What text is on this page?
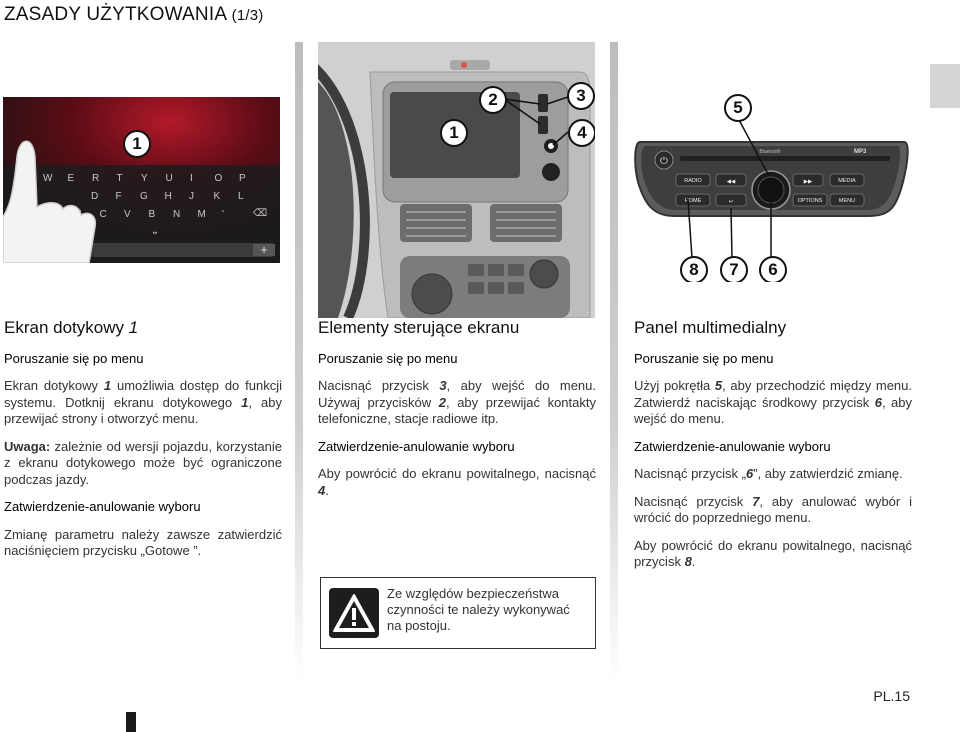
ZASADY UŻYTKOWANIA (1/3)
+
W E R T Y U I O P
D F G H J K L
C V B N M '
⎵
⌫
1
2	3
1	4
⏻
Bluetooth	MP3
RADIO	MEDIA
HOME	OPTIONS	MENU
◀◀	▶▶
↩
5
8	7	6
Ekran dotykowy 1
Poruszanie się po menu

Ekran dotykowy 1 umożliwia dostęp do funkcji systemu. Dotknij ekranu dotykowego 1, aby przewijać strony i otworzyć menu.

Uwaga: zależnie od wersji pojazdu, korzystanie z ekranu dotykowego może być ograniczone podczas jazdy.

Zatwierdzenie-anulowanie wyboru

Zmianę parametru należy zawsze zatwierdzić naciśnięciem przycisku „Gotowe ”.

Elementy sterujące ekranu
Poruszanie się po menu

Nacisnąć przycisk 3, aby wejść do menu. Używaj przycisków 2, aby przewijać kontakty telefoniczne, stacje radiowe itp.

Zatwierdzenie-anulowanie wyboru

Aby powrócić do ekranu powitalnego, nacisnąć 4.

Ze względów bezpieczeństwa czynności te należy wykonywać na postoju.
Panel multimedialny
Poruszanie się po menu

Użyj pokrętła 5, aby przechodzić między menu. Zatwierdź naciskając środkowy przycisk 6, aby wejść do menu.

Zatwierdzenie-anulowanie wyboru

Nacisnąć przycisk „6”, aby zatwierdzić zmianę.

Nacisnąć przycisk 7, aby anulować wybór i wrócić do poprzedniego menu.

Aby powrócić do ekranu powitalnego, nacisnąć przycisk 8.

PL.15
